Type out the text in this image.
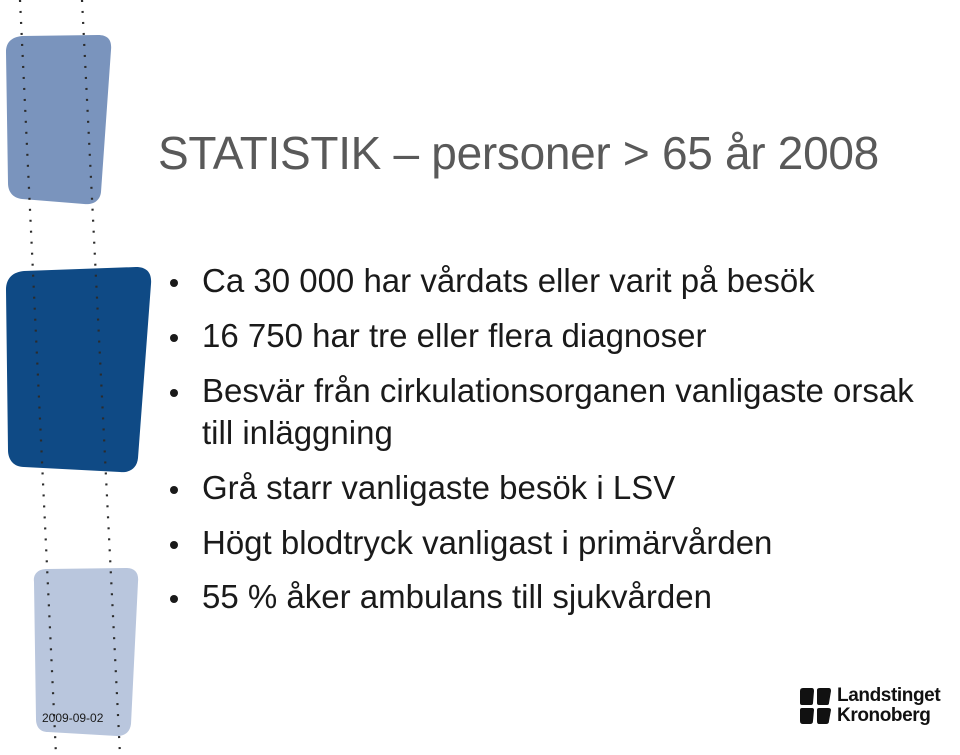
STATISTIK – personer > 65 år 2008
Ca 30 000 har vårdats eller varit på besök
16 750 har tre eller flera diagnoser
Besvär från cirkulationsorganen vanligaste orsak till inläggning
Grå starr vanligaste besök i LSV
Högt blodtryck vanligast i primärvården
55 % åker ambulans till sjukvården
2009-09-02
Landstinget
Kronoberg
